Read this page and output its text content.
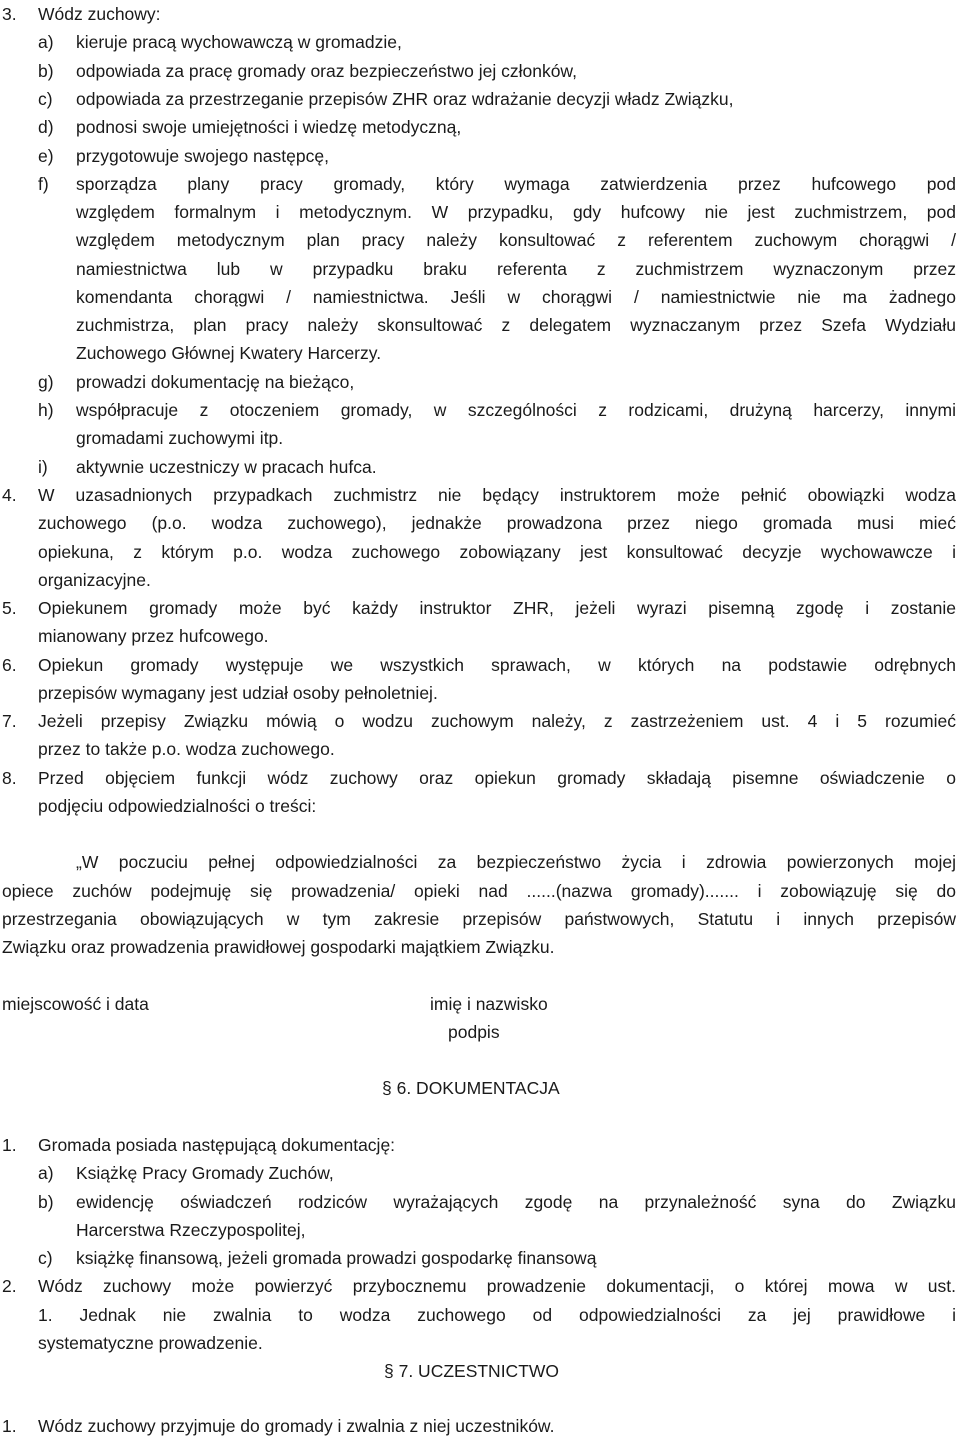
3. Wódz zuchowy:
a) kieruje pracą wychowawczą w gromadzie,
b) odpowiada za pracę gromady oraz bezpieczeństwo jej członków,
c) odpowiada za przestrzeganie przepisów ZHR oraz wdrażanie decyzji władz Związku,
d) podnosi swoje umiejętności i wiedzę metodyczną,
e) przygotowuje swojego następcę,
f) sporządza plany pracy gromady, który wymaga zatwierdzenia przez hufcowego pod
względem formalnym i metodycznym. W przypadku, gdy hufcowy nie jest zuchmistrzem, pod
względem metodycznym plan pracy należy konsultować z referentem zuchowym chorągwi /
namiestnictwa lub w przypadku braku referenta z zuchmistrzem wyznaczonym przez
komendanta chorągwi / namiestnictwa. Jeśli w chorągwi / namiestnictwie nie ma żadnego
zuchmistrza, plan pracy należy skonsultować z delegatem wyznaczanym przez Szefa Wydziału
Zuchowego Głównej Kwatery Harcerzy.
g) prowadzi dokumentację na bieżąco,
h) współpracuje z otoczeniem gromady, w szczególności z rodzicami, drużyną harcerzy, innymi
gromadami zuchowymi itp.
i) aktywnie uczestniczy w pracach hufca.
4. W uzasadnionych przypadkach zuchmistrz nie będący instruktorem może pełnić obowiązki wodza
zuchowego (p.o. wodza zuchowego), jednakże prowadzona przez niego gromada musi mieć
opiekuna, z którym p.o. wodza zuchowego zobowiązany jest konsultować decyzje wychowawcze i
organizacyjne.
5. Opiekunem gromady może być każdy instruktor ZHR, jeżeli wyrazi pisemną zgodę i zostanie
mianowany przez hufcowego.
6. Opiekun gromady występuje we wszystkich sprawach, w których na podstawie odrębnych
przepisów wymagany jest udział osoby pełnoletniej.
7. Jeżeli przepisy Związku mówią o wodzu zuchowym należy, z zastrzeżeniem ust. 4 i 5 rozumieć
przez to także p.o. wodza zuchowego.
8. Przed objęciem funkcji wódz zuchowy oraz opiekun gromady składają pisemne oświadczenie o
podjęciu odpowiedzialności o treści:
„W poczuciu pełnej odpowiedzialności za bezpieczeństwo życia i zdrowia powierzonych mojej
opiece zuchów podejmuję się prowadzenia/ opieki nad ......(nazwa gromady)....... i zobowiązuję się do
przestrzegania obowiązujących w tym zakresie przepisów państwowych, Statutu i innych przepisów
Związku oraz prowadzenia prawidłowej gospodarki majątkiem Związku.
miejscowość i data	imię i nazwisko
podpis
§ 6. DOKUMENTACJA
1. Gromada posiada następującą dokumentację:
a) Książkę Pracy Gromady Zuchów,
b) ewidencję oświadczeń rodziców wyrażających zgodę na przynależność syna do Związku
Harcerstwa Rzeczypospolitej,
c) książkę finansową, jeżeli gromada prowadzi gospodarkę finansową
2. Wódz zuchowy może powierzyć przybocznemu prowadzenie dokumentacji, o której mowa w ust.
1. Jednak nie zwalnia to wodza zuchowego od odpowiedzialności za jej prawidłowe i
systematyczne prowadzenie.
§ 7. UCZESTNICTWO
1. Wódz zuchowy przyjmuje do gromady i zwalnia z niej uczestników.
